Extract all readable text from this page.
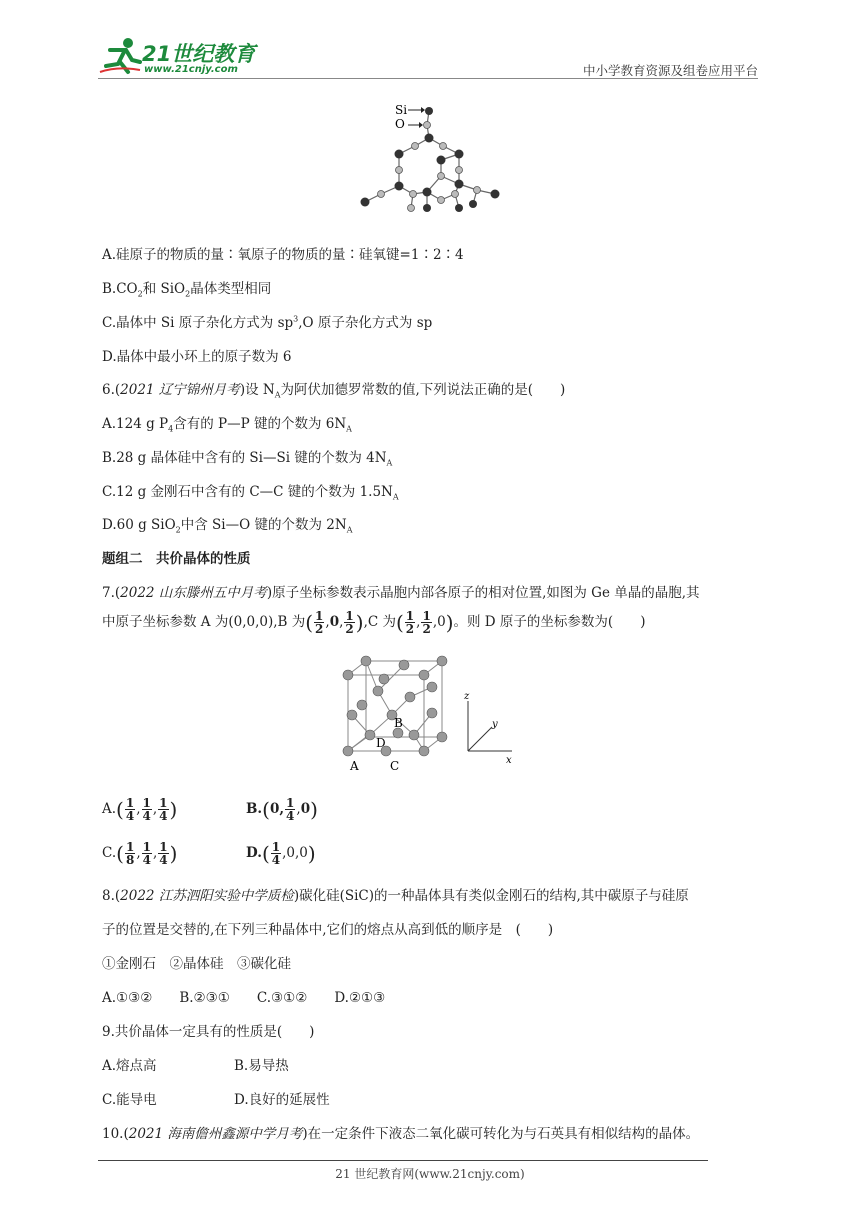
21世纪教育
www.21cnjy.com	中小学教育资源及组卷应用平台
Si
O
A.硅原子的物质的量∶氧原子的物质的量∶硅氧键=1∶2∶4
$B.CO_2$和 SiO$_2$晶体类型相同
C.晶体中 Si 原子杂化方式为 $sp^3,O$ 原子杂化方式为 sp
D.晶体中最小环上的原子数为 6
6.(2021 辽宁锦州月考)设 $N_A$为阿伏加德罗常数的值,下列说法正确的是(　　)
A.124 g $P_4$含有的 P—P 键的个数为 $6N_A$
B.28 g 晶体硅中含有的 Si—Si 键的个数为 $4N_A$
C.12 g 金刚石中含有的 C—C 键的个数为 $1.5N_A$
D.60 g SiO$_2$中含 Si—O 键的个数为 $2N_A$
题组二　共价晶体的性质
7.(2022 山东滕州五中月考)原子坐标参数表示晶胞内部各原子的相对位置,如图为 Ge 单晶的晶胞,其
中原子坐标参数 A 为(0,0,0),B 为( $\frac{1}{2} ,0$, $\frac{1}{2} ),C$ 为( $\frac{1}{2}$ , $\frac{1}{2} ,0$)。则 D 原子的坐标参数为(　　)
B
D
A	C
z
y
x
$A.( \frac{1}{4}$ , $\frac{1}{4}$ , $\frac{1}{4}$ )	B.(0, $\frac{1}{4} ,0$)
$C.( \frac{1}{8}$ , $\frac{1}{4}$ , $\frac{1}{4}$ )	$D.( \frac{1}{4} ,0,0)$
8.(2022 江苏泗阳实验中学质检)碳化硅(SiC)的一种晶体具有类似金刚石的结构,其中碳原子与硅原
子的位置是交替的,在下列三种晶体中,它们的熔点从高到低的顺序是　(　　)
①金刚石　②晶体硅　③碳化硅
A.①③②　　B.②③①　　C.③①②　　D.②①③
9.共价晶体一定具有的性质是(　　)
A.熔点高	B.易导热
C.能导电	D.良好的延展性
10.(2021 海南儋州鑫源中学月考)在一定条件下液态二氧化碳可转化为与石英具有相似结构的晶体。
21 世纪教育网(www.21cnjy.com)
